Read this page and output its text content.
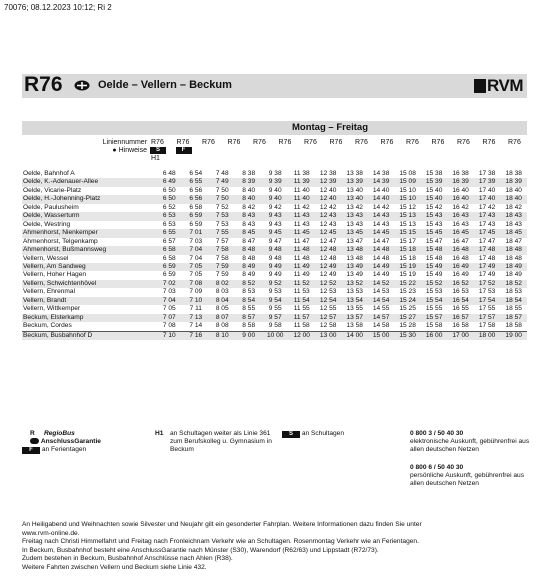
70076; 08.12.2023 10:12; Ri 2
R76	Oelde – Vellern – Beckum	RVM
Montag – Freitag
Liniennummer
● Hinweise
R76
S
H1
R76
F
R76 R76 R76 R76 R76 R76 R76 R76 R76 R76 R76 R76 R76
Oelde, Bahnhof A	6 48	6 54	7 48	8 38	9 38	11 38	12 38	13 38	14 38	15 08	15 38	16 38	17 38	18 38
Oelde, K.-Adenauer-Allee	6 49	6 55	7 49	8 39	9 39	11 39	12 39	13 39	14 39	15 09	15 39	16 39	17 39	18 39
Oelde, Vicarie-Platz	6 50	6 56	7 50	8 40	9 40	11 40	12 40	13 40	14 40	15 10	15 40	16 40	17 40	18 40
Oelde, H.-Johenning-Platz	6 50	6 56	7 50	8 40	9 40	11 40	12 40	13 40	14 40	15 10	15 40	16 40	17 40	18 40
Oelde, Paulusheim	6 52	6 58	7 52	8 42	9 42	11 42	12 42	13 42	14 42	15 12	15 42	16 42	17 42	18 42
Oelde, Wasserturm	6 53	6 59	7 53	8 43	9 43	11 43	12 43	13 43	14 43	15 13	15 43	16 43	17 43	18 43
Oelde, Westring	6 53	6 59	7 53	8 43	9 43	11 43	12 43	13 43	14 43	15 13	15 43	16 43	17 43	18 43
Ahmenhorst, Nienkemper	6 55	7 01	7 55	8 45	9 45	11 45	12 45	13 45	14 45	15 15	15 45	16 45	17 45	18 45
Ahmenhorst, Telgenkamp	6 57	7 03	7 57	8 47	9 47	11 47	12 47	13 47	14 47	15 17	15 47	16 47	17 47	18 47
Ahmenhorst, Bußmannsweg	6 58	7 04	7 58	8 48	9 48	11 48	12 48	13 48	14 48	15 18	15 48	16 48	17 48	18 48
Vellern, Wessel	6 58	7 04	7 58	8 48	9 48	11 48	12 48	13 48	14 48	15 18	15 48	16 48	17 48	18 48
Vellern, Am Sandweg	6 59	7 05	7 59	8 49	9 49	11 49	12 49	13 49	14 49	15 19	15 49	16 49	17 49	18 49
Vellern, Hoher Hagen	6 59	7 05	7 59	8 49	9 49	11 49	12 49	13 49	14 49	15 19	15 49	16 49	17 49	18 49
Vellern, Schwichtenhövel	7 02	7 08	8 02	8 52	9 52	11 52	12 52	13 52	14 52	15 22	15 52	16 52	17 52	18 52
Vellern, Ehrenmal	7 03	7 09	8 03	8 53	9 53	11 53	12 53	13 53	14 53	15 23	15 53	16 53	17 53	18 53
Vellern, Brandt	7 04	7 10	8 04	8 54	9 54	11 54	12 54	13 54	14 54	15 24	15 54	16 54	17 54	18 54
Vellern, Wittkemper	7 05	7 11	8 05	8 55	9 55	11 55	12 55	13 55	14 55	15 25	15 55	16 55	17 55	18 55
Beckum, Elsterkamp	7 07	7 13	8 07	8 57	9 57	11 57	12 57	13 57	14 57	15 27	15 57	16 57	17 57	18 57
Beckum, Cordes	7 08	7 14	8 08	8 58	9 58	11 58	12 58	13 58	14 58	15 28	15 58	16 58	17 58	18 58
Beckum, Busbahnhof D	7 10	7 16	8 10	9 00	10 00	12 00	13 00	14 00	15 00	15 30	16 00	17 00	18 00	19 00
R RegioBus
AnschlussGarantie
F an Ferientagen
H1 an Schultagen weiter als Linie 361 zum Berufskolleg u. Gymnasium in Beckum
S an Schultagen	0 800 3 / 50 40 30
elektronische Auskunft, gebührenfrei aus allen deutschen Netzen
0 800 6 / 50 40 30
persönliche Auskunft, gebührenfrei aus allen deutschen Netzen
An Heiligabend und Weihnachten sowie Silvester und Neujahr gilt ein gesonderter Fahrplan. Weitere Informationen dazu finden Sie unter
www.rvm-online.de.
Freitag nach Christi Himmelfahrt und Freitag nach Fronleichnam Verkehr wie an Schultagen. Rosenmontag Verkehr wie an Ferientagen.
In Beckum, Busbahnhof besteht eine AnschlussGarantie nach Münster (S30), Warendorf (R62/63) und Lippstadt (R72/73).
Zudem bestehen in Beckum, Busbahnhof Anschlüsse nach Ahlen (R38).
Weitere Fahrten zwischen Vellern und Beckum siehe Linie 432.
